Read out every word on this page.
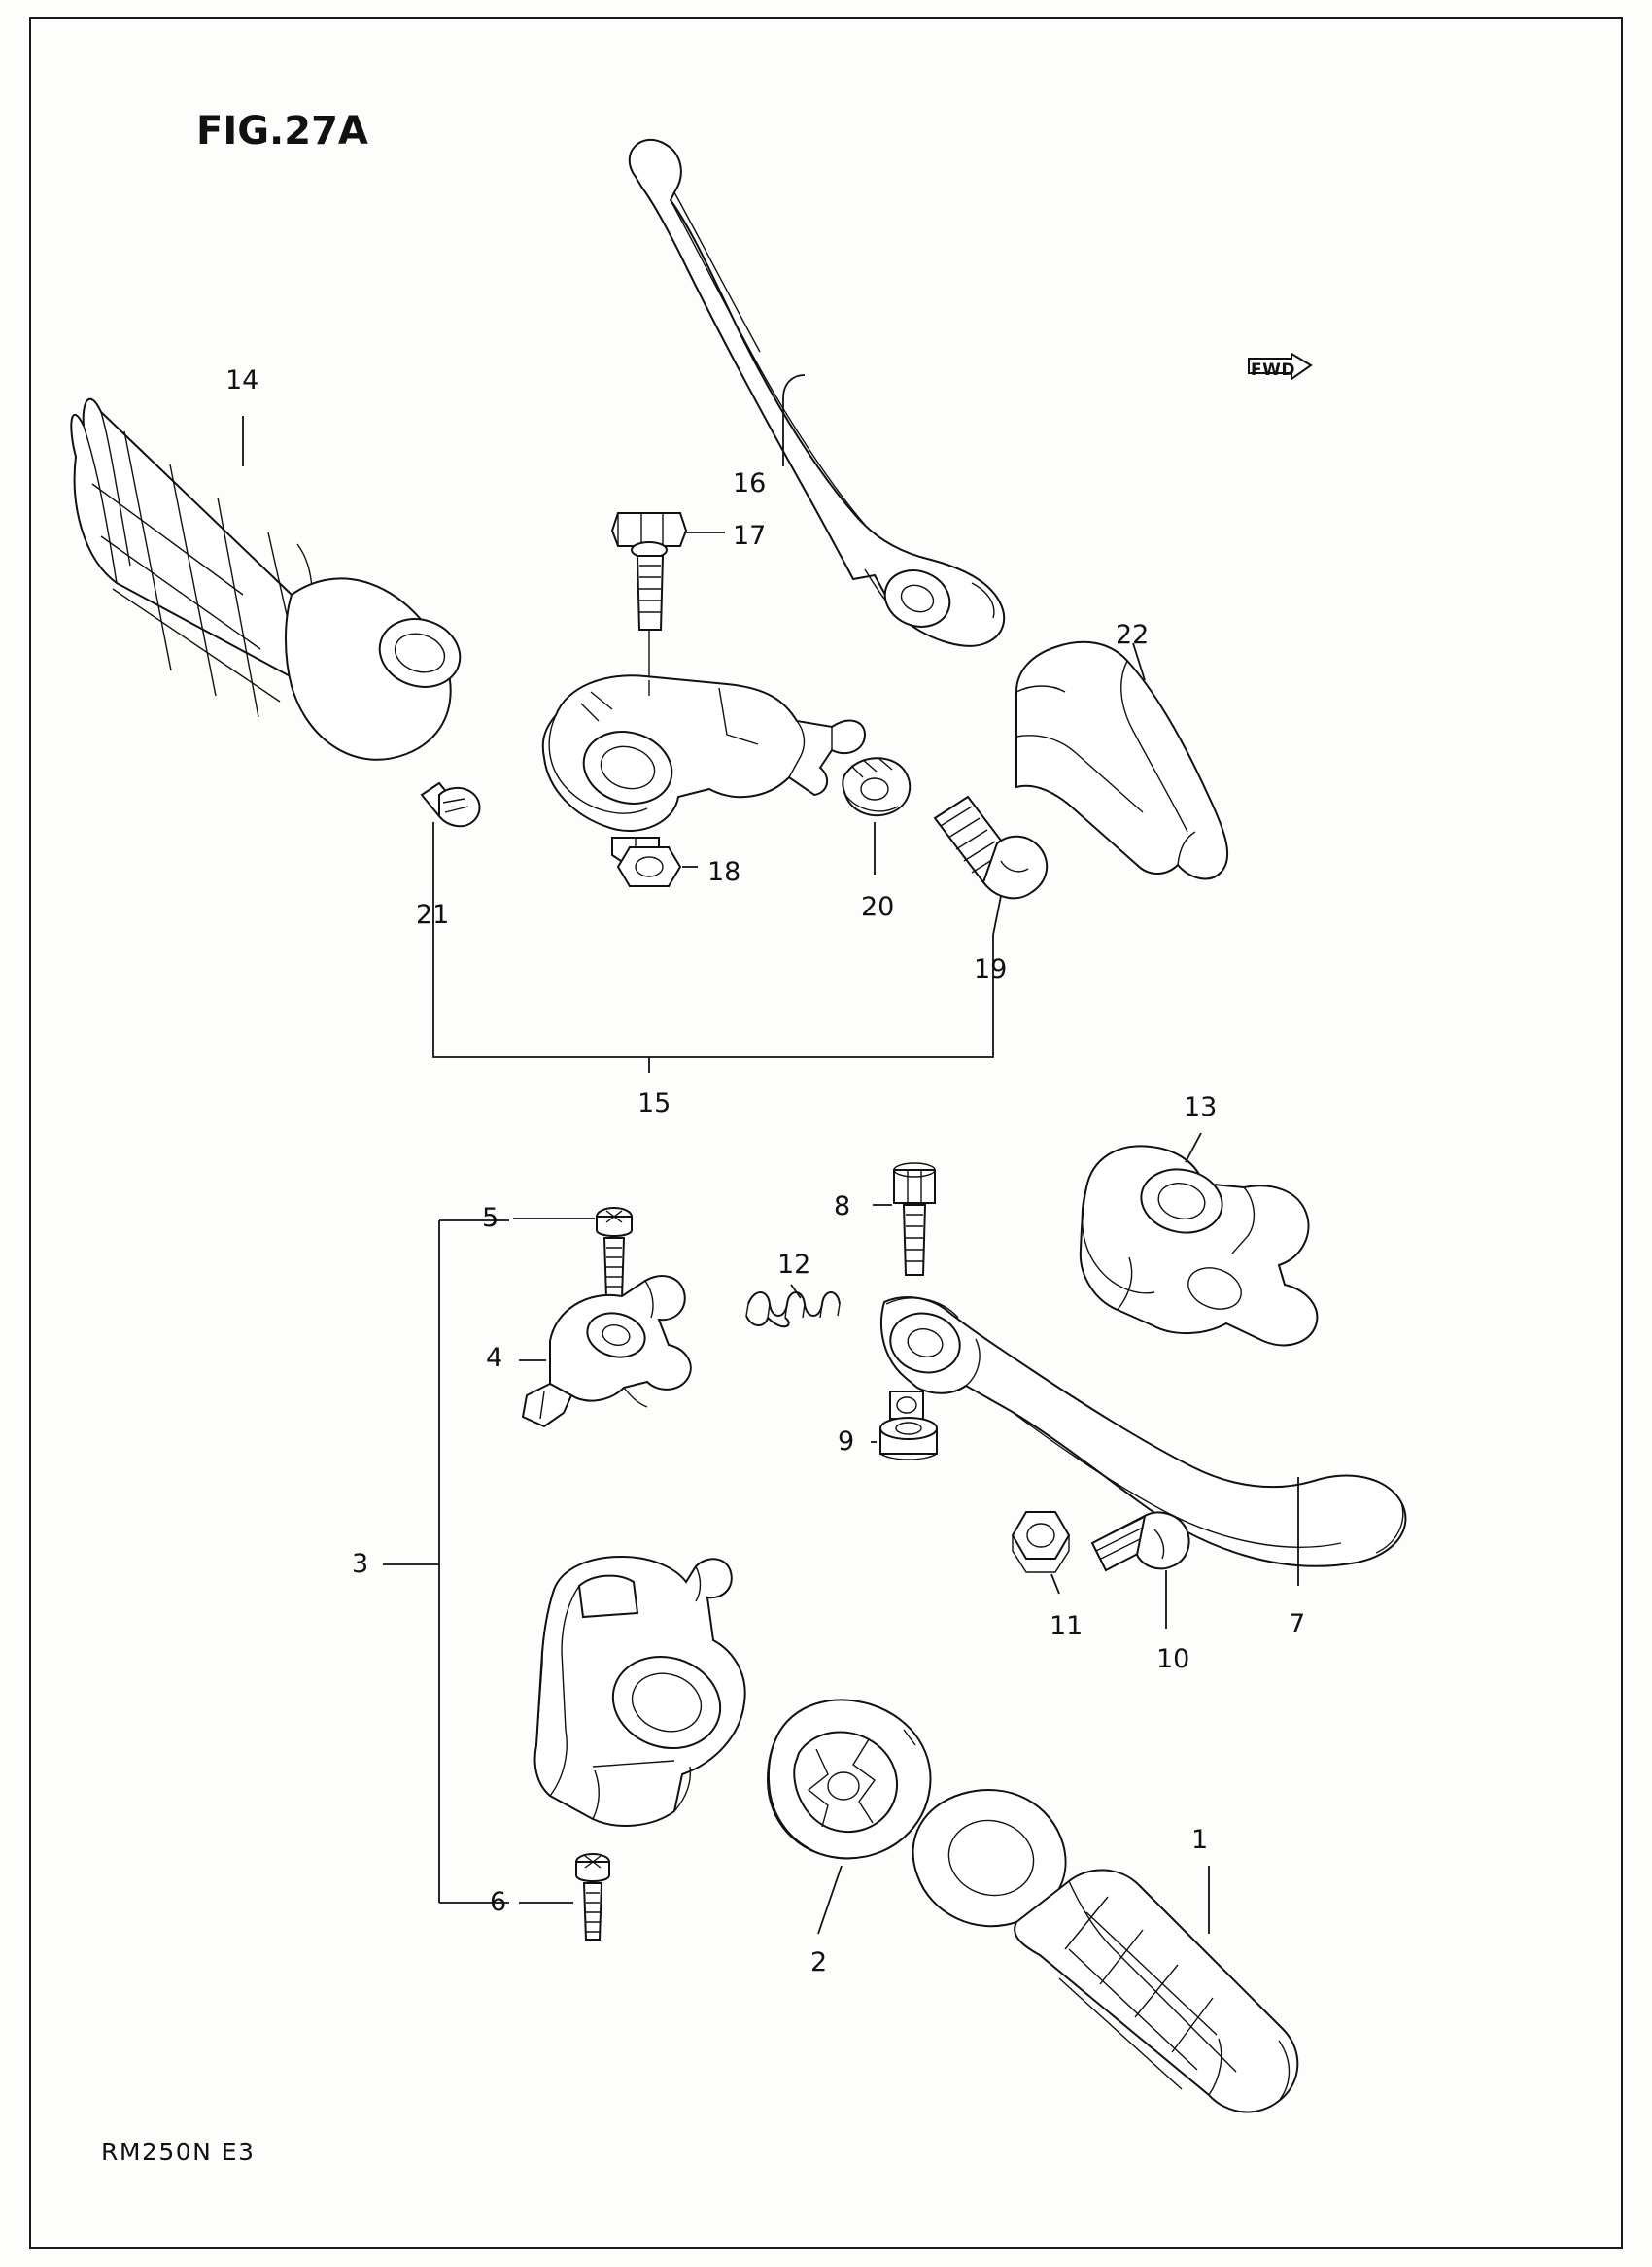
FIG.27A
RM250N E3
FWD
14
16
17
22
18
20
19
21
15	13
5	8
12
4
9
3
11
10
7
6
2
1
